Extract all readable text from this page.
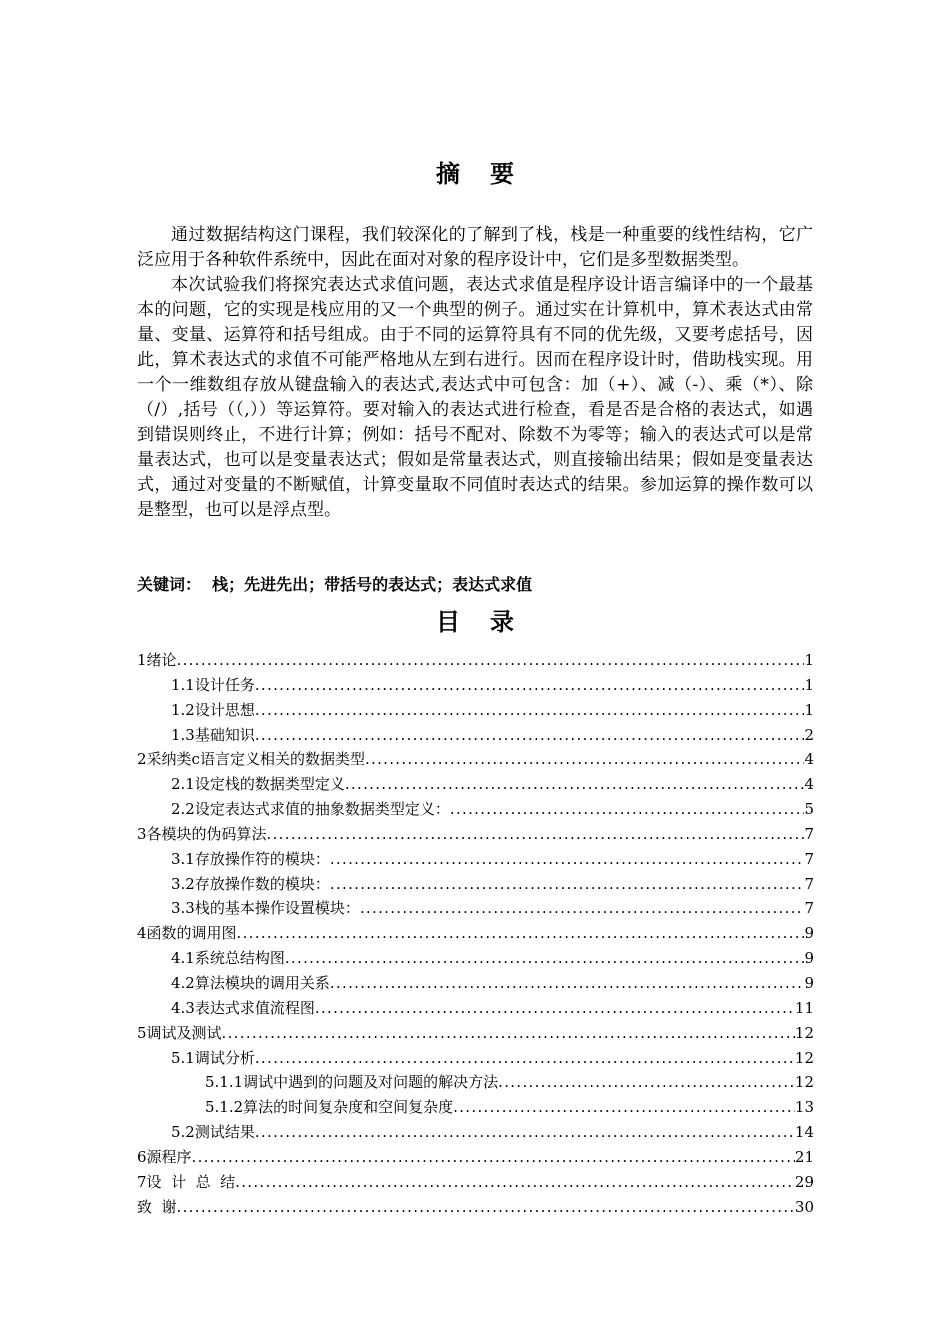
摘要

通过数据结构这门课程，我们较深化的了解到了栈，栈是一种重要的线性结构，它广泛应用于各种软件系统中，因此在面对对象的程序设计中，它们是多型数据类型。

本次试验我们将探究表达式求值问题，表达式求值是程序设计语言编译中的一个最基本的问题，它的实现是栈应用的又一个典型的例子。通过实在计算机中，算术表达式由常量、变量、运算符和括号组成。由于不同的运算符具有不同的优先级，又要考虑括号，因此，算术表达式的求值不可能严格地从左到右进行。因而在程序设计时，借助栈实现。用一个一维数组存放从键盘输入的表达式,表达式中可包含：加（+）、减（-）、乘（*）、除（/）,括号（（,））等运算符。要对输入的表达式进行检查，看是否是合格的表达式，如遇到错误则终止，不进行计算；例如：括号不配对、除数不为零等；输入的表达式可以是常量表达式，也可以是变量表达式；假如是常量表达式，则直接输出结果；假如是变量表达式，通过对变量的不断赋值，计算变量取不同值时表达式的结果。参加运算的操作数可以是整型，也可以是浮点型。

关键词：  栈；先进先出；带括号的表达式；表达式求值
目录
1绪论 .....	1
1.1设计任务 .....	1
1.2设计思想 .....	1
1.3基础知识 .....	2
2采纳类c语言定义相关的数据类型 .....	4
2.1设定栈的数据类型定义 .....	4
2.2设定表达式求值的抽象数据类型定义： .....	5
3各模块的伪码算法 .....	7
3.1存放操作符的模块： .....	7
3.2存放操作数的模块： .....	7
3.3栈的基本操作设置模块： .....	7
4函数的调用图 .....	9
4.1系统总结构图 .....	9
4.2算法模块的调用关系 .....	9
4.3表达式求值流程图 .....	11
5调试及测试 .....	12
5.1调试分析 .....	12
5.1.1调试中遇到的问题及对问题的解决方法 .....	12
5.1.2算法的时间复杂度和空间复杂度 .....	13
5.2测试结果 .....	14
6源程序 .....	21
7设  计  总  结 .....	29
致  谢 .....	30
